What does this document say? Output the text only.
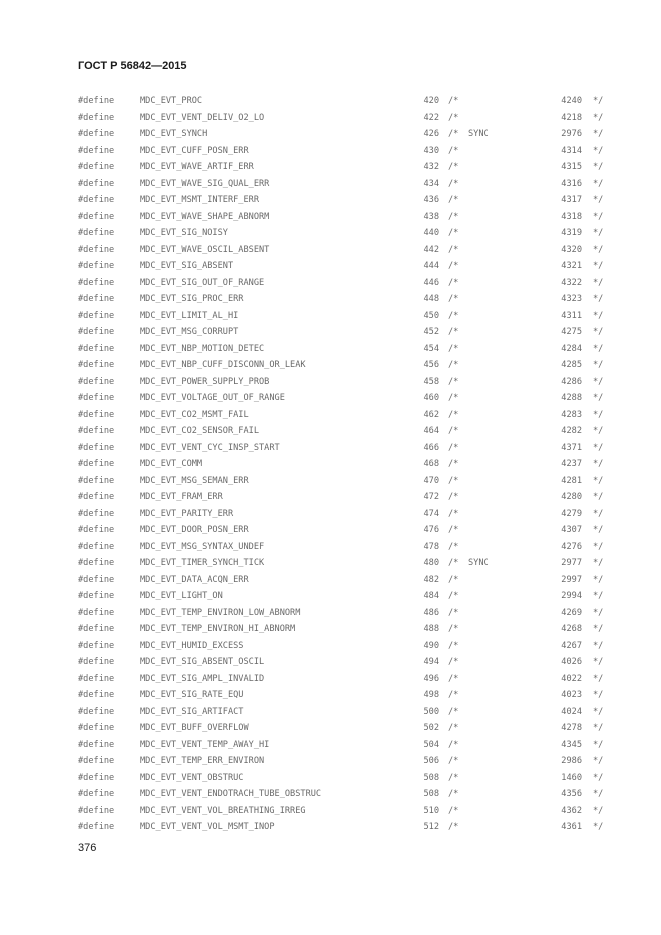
ГОСТ Р 56842—2015
#define	MDC_EVT_PROC	420 /*	4240 */
#define	MDC_EVT_VENT_DELIV_O2_LO	422 /*	4218 */
#define	MDC_EVT_SYNCH	426 /* SYNC	2976 */
#define	MDC_EVT_CUFF_POSN_ERR	430 /*	4314 */
#define	MDC_EVT_WAVE_ARTIF_ERR	432 /*	4315 */
#define	MDC_EVT_WAVE_SIG_QUAL_ERR	434 /*	4316 */
#define	MDC_EVT_MSMT_INTERF_ERR	436 /*	4317 */
#define	MDC_EVT_WAVE_SHAPE_ABNORM	438 /*	4318 */
#define	MDC_EVT_SIG_NOISY	440 /*	4319 */
#define	MDC_EVT_WAVE_OSCIL_ABSENT	442 /*	4320 */
#define	MDC_EVT_SIG_ABSENT	444 /*	4321 */
#define	MDC_EVT_SIG_OUT_OF_RANGE	446 /*	4322 */
#define	MDC_EVT_SIG_PROC_ERR	448 /*	4323 */
#define	MDC_EVT_LIMIT_AL_HI	450 /*	4311 */
#define	MDC_EVT_MSG_CORRUPT	452 /*	4275 */
#define	MDC_EVT_NBP_MOTION_DETEC	454 /*	4284 */
#define	MDC_EVT_NBP_CUFF_DISCONN_OR_LEAK	456 /*	4285 */
#define	MDC_EVT_POWER_SUPPLY_PROB	458 /*	4286 */
#define	MDC_EVT_VOLTAGE_OUT_OF_RANGE	460 /*	4288 */
#define	MDC_EVT_CO2_MSMT_FAIL	462 /*	4283 */
#define	MDC_EVT_CO2_SENSOR_FAIL	464 /*	4282 */
#define	MDC_EVT_VENT_CYC_INSP_START	466 /*	4371 */
#define	MDC_EVT_COMM	468 /*	4237 */
#define	MDC_EVT_MSG_SEMAN_ERR	470 /*	4281 */
#define	MDC_EVT_FRAM_ERR	472 /*	4280 */
#define	MDC_EVT_PARITY_ERR	474 /*	4279 */
#define	MDC_EVT_DOOR_POSN_ERR	476 /*	4307 */
#define	MDC_EVT_MSG_SYNTAX_UNDEF	478 /*	4276 */
#define	MDC_EVT_TIMER_SYNCH_TICK	480 /* SYNC	2977 */
#define	MDC_EVT_DATA_ACQN_ERR	482 /*	2997 */
#define	MDC_EVT_LIGHT_ON	484 /*	2994 */
#define	MDC_EVT_TEMP_ENVIRON_LOW_ABNORM	486 /*	4269 */
#define	MDC_EVT_TEMP_ENVIRON_HI_ABNORM	488 /*	4268 */
#define	MDC_EVT_HUMID_EXCESS	490 /*	4267 */
#define	MDC_EVT_SIG_ABSENT_OSCIL	494 /*	4026 */
#define	MDC_EVT_SIG_AMPL_INVALID	496 /*	4022 */
#define	MDC_EVT_SIG_RATE_EQU	498 /*	4023 */
#define	MDC_EVT_SIG_ARTIFACT	500 /*	4024 */
#define	MDC_EVT_BUFF_OVERFLOW	502 /*	4278 */
#define	MDC_EVT_VENT_TEMP_AWAY_HI	504 /*	4345 */
#define	MDC_EVT_TEMP_ERR_ENVIRON	506 /*	2986 */
#define	MDC_EVT_VENT_OBSTRUC	508 /*	1460 */
#define	MDC_EVT_VENT_ENDOTRACH_TUBE_OBSTRUC	508 /*	4356 */
#define	MDC_EVT_VENT_VOL_BREATHING_IRREG	510 /*	4362 */
#define	MDC_EVT_VENT_VOL_MSMT_INOP	512 /*	4361 */
376
